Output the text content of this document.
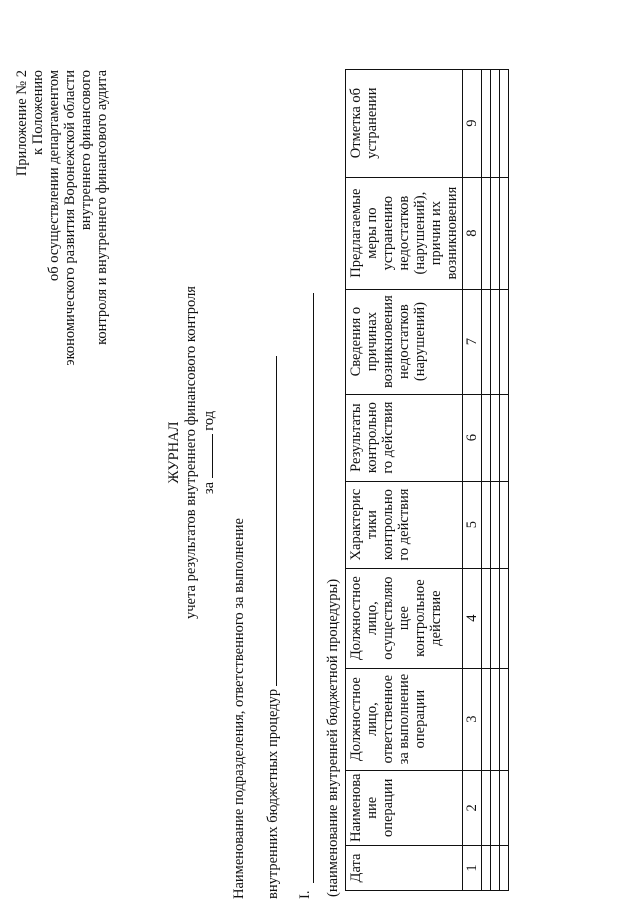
Приложение № 2 к Положению об осуществлении департаментом экономического развития Воронежской области внутреннего финансового контроля и внутреннего финансового аудита
ЖУРНАЛ учета результатов внутреннего финансового контроля за  год
Наименование подразделения, ответственного за выполнение внутренних бюджетных процедур I. (наименование внутренней бюджетной процедуры) Дата	Наименова ние операции	Должностное лицо, ответственное за выполнение операции	Должностное лицо, осуществляю щее контрольное действие	Характерис тики контрольно го действия	Результаты контрольно го действия	Сведения о причинах возникновения недостатков (нарушений)	Предлагаемые меры по устранению недостатков (нарушений), причин их возникновения	Отметка об устранении
1	2	3	4	5	6	7	8	9
